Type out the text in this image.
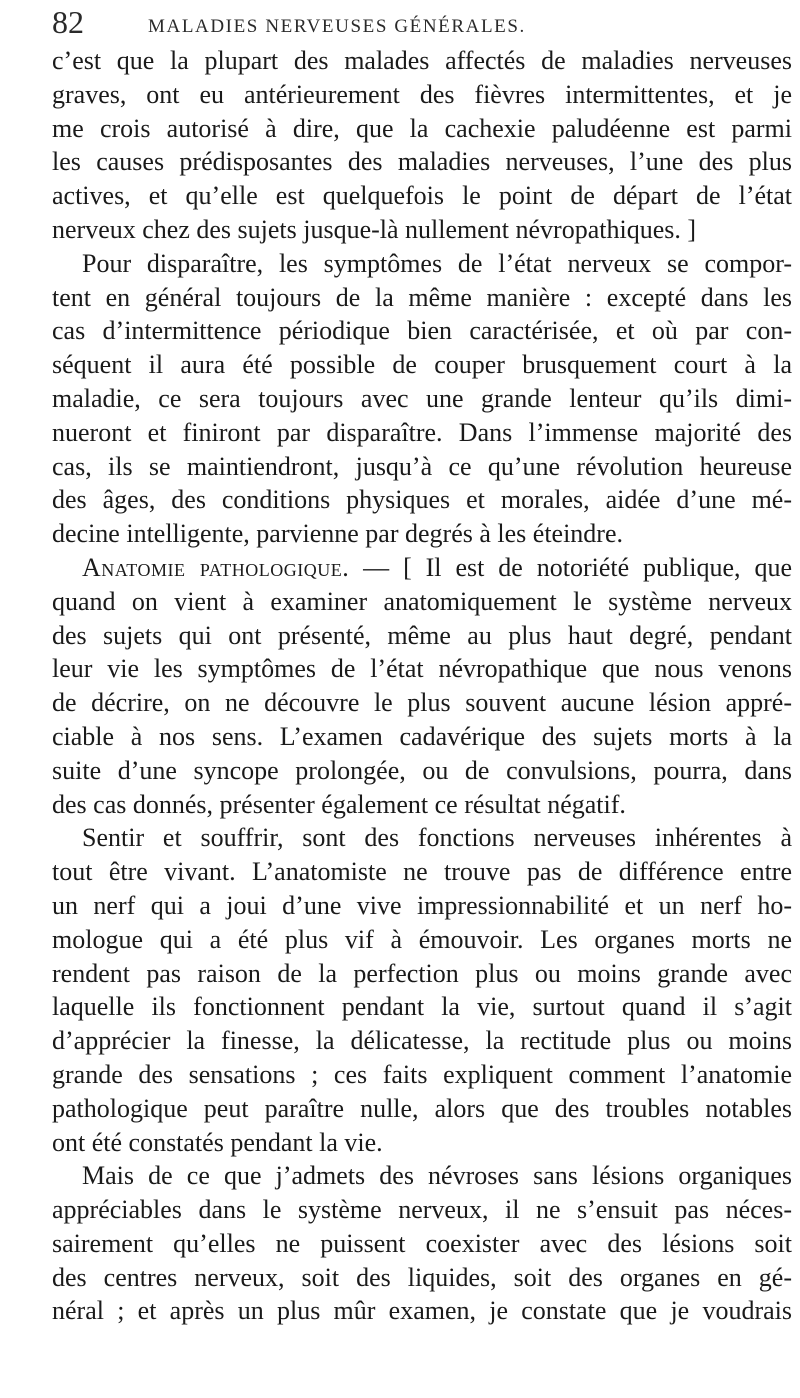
82	MALADIES NERVEUSES GÉNÉRALES.
c’est que la plupart des malades affectés de maladies nerveuses
graves, ont eu antérieurement des fièvres intermittentes, et je
me crois autorisé à dire, que la cachexie paludéenne est parmi
les causes prédisposantes des maladies nerveuses, l’une des plus
actives, et qu’elle est quelquefois le point de départ de l’état
nerveux chez des sujets jusque-là nullement névropathiques. ]
Pour disparaître, les symptômes de l’état nerveux se compor-
tent en général toujours de la même manière : excepté dans les
cas d’intermittence périodique bien caractérisée, et où par con-
séquent il aura été possible de couper brusquement court à la
maladie, ce sera toujours avec une grande lenteur qu’ils dimi-
nueront et finiront par disparaître. Dans l’immense majorité des
cas, ils se maintiendront, jusqu’à ce qu’une révolution heureuse
des âges, des conditions physiques et morales, aidée d’une mé-
decine intelligente, parvienne par degrés à les éteindre.
Anatomie pathologique. — [ Il est de notoriété publique, que
quand on vient à examiner anatomiquement le système nerveux
des sujets qui ont présenté, même au plus haut degré, pendant
leur vie les symptômes de l’état névropathique que nous venons
de décrire, on ne découvre le plus souvent aucune lésion appré-
ciable à nos sens. L’examen cadavérique des sujets morts à la
suite d’une syncope prolongée, ou de convulsions, pourra, dans
des cas donnés, présenter également ce résultat négatif.
Sentir et souffrir, sont des fonctions nerveuses inhérentes à
tout être vivant. L’anatomiste ne trouve pas de différence entre
un nerf qui a joui d’une vive impressionnabilité et un nerf ho-
mologue qui a été plus vif à émouvoir. Les organes morts ne
rendent pas raison de la perfection plus ou moins grande avec
laquelle ils fonctionnent pendant la vie, surtout quand il s’agit
d’apprécier la finesse, la délicatesse, la rectitude plus ou moins
grande des sensations ; ces faits expliquent comment l’anatomie
pathologique peut paraître nulle, alors que des troubles notables
ont été constatés pendant la vie.
Mais de ce que j’admets des névroses sans lésions organiques
appréciables dans le système nerveux, il ne s’ensuit pas néces-
sairement qu’elles ne puissent coexister avec des lésions soit
des centres nerveux, soit des liquides, soit des organes en gé-
néral ; et après un plus mûr examen, je constate que je voudrais
